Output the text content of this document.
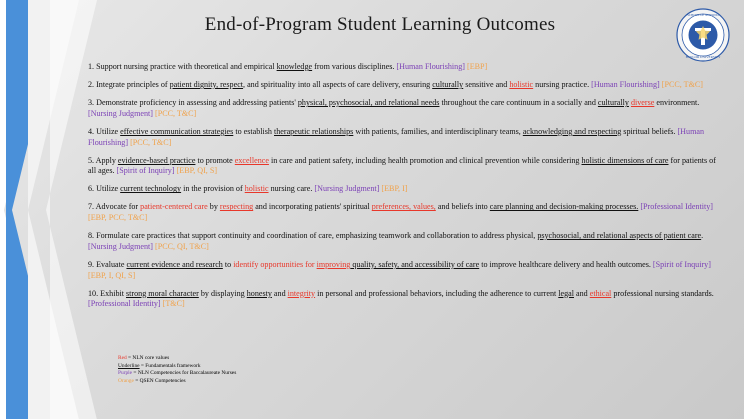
End-of-Program Student Learning Outcomes	SCHOOL OF NURSING
BAYLOR UNIVERSITY
1. Support nursing practice with theoretical and empirical knowledge from various disciplines. [Human Flourishing] [EBP]
2. Integrate principles of patient dignity, respect, and spirituality into all aspects of care delivery, ensuring culturally sensitive and holistic nursing practice. [Human Flourishing] [PCC, T&C]
3. Demonstrate proficiency in assessing and addressing patients' physical, psychosocial, and relational needs throughout the care continuum in a socially and culturally diverse environment. [Nursing Judgment] [PCC, T&C]
4. Utilize effective communication strategies to establish therapeutic relationships with patients, families, and interdisciplinary teams, acknowledging and respecting spiritual beliefs. [Human Flourishing] [PCC, T&C]
5. Apply evidence-based practice to promote excellence in care and patient safety, including health promotion and clinical prevention while considering holistic dimensions of care for patients of all ages. [Spirit of Inquiry] [EBP, QI, S]
6. Utilize current technology in the provision of holistic nursing care. [Nursing Judgment] [EBP, I]
7. Advocate for patient-centered care by respecting and incorporating patients' spiritual preferences, values, and beliefs into care planning and decision-making processes. [Professional Identity] [EBP, PCC, T&C]
8. Formulate care practices that support continuity and coordination of care, emphasizing teamwork and collaboration to address physical, psychosocial, and relational aspects of patient care. [Nursing Judgment] [PCC, QI, T&C]
9. Evaluate current evidence and research to identify opportunities for improving quality, safety, and accessibility of care to improve healthcare delivery and health outcomes. [Spirit of Inquiry] [EBP, I, QI, S]
10. Exhibit strong moral character by displaying honesty and integrity in personal and professional behaviors, including the adherence to current legal and ethical professional nursing standards. [Professional Identity] [T&C]
Red = NLN core values
Underline = Fundamentals framework
Purple = NLN Competencies for Baccalaureate Nurses
Orange = QSEN Competencies
